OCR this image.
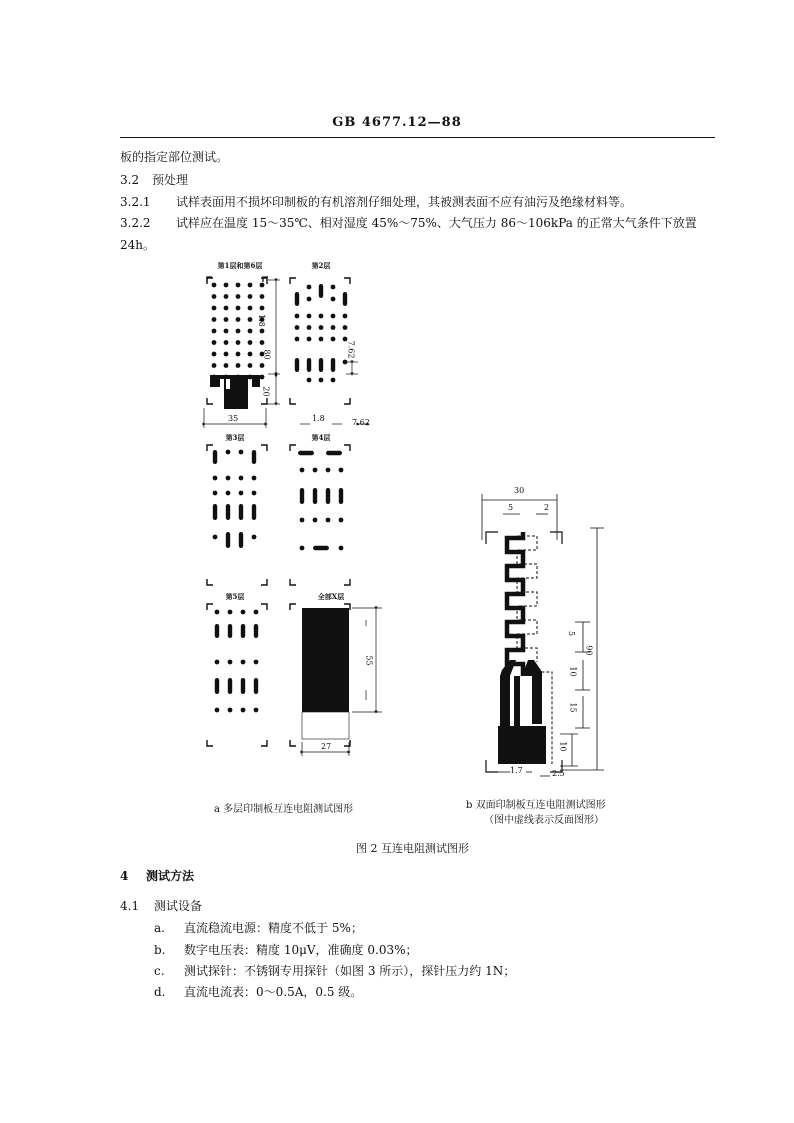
GB 4677.12—88
板的指定部位测试。
3.2 预处理
3.2.1 试样表面用不损坏印制板的有机溶剂仔细处理，其被测表面不应有油污及绝缘材料等。
3.2.2 试样应在温度 15～35℃、相对湿度 45%～75%、大气压力 86～106kPa 的正常大气条件下放置
24h。
第1层和第6层	第2层
第3层	第4层
第5层	全部X层
1.8
80
20
35
7.62
1.8	7.62
55
27
30
5	2
5
90
10
15
10
1.7	2.5
a 多层印制板互连电阻测试图形	b 双面印制板互连电阻测试图形
（图中虚线表示反面图形）
图 2 互连电阻测试图形
4 测试方法
4.1 测试设备
a. 直流稳流电源：精度不低于 5%；
b. 数字电压表：精度 10μV，准确度 0.03%；
c. 测试探针：不锈钢专用探针（如图 3 所示），探针压力约 1N；
d. 直流电流表：0～0.5A，0.5 级。
